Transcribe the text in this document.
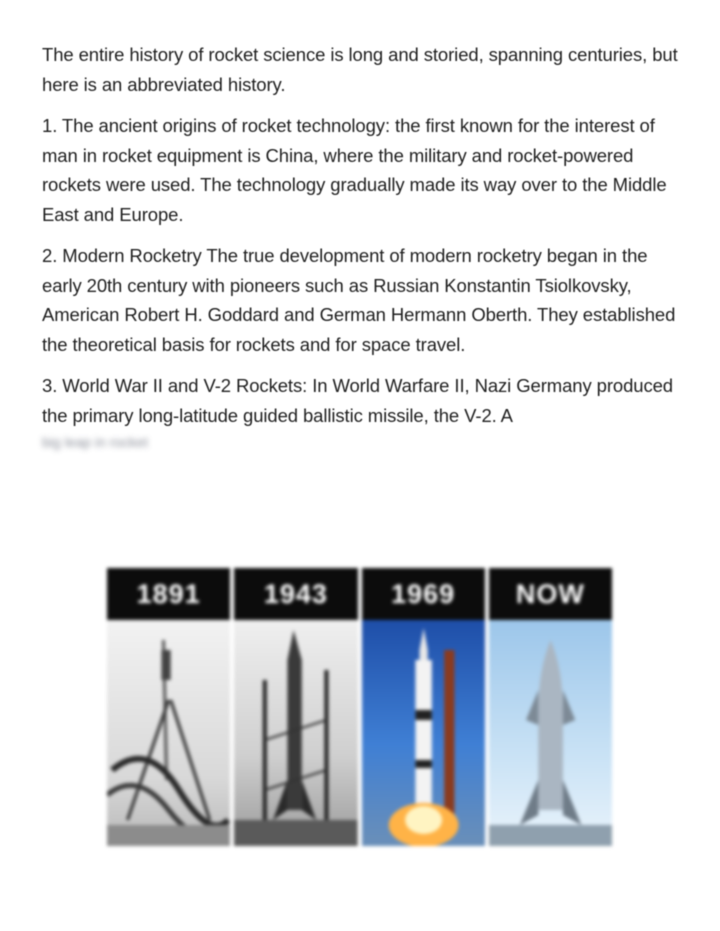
The entire history of rocket science is long and storied, spanning centuries, but here is an abbreviated history.

1. The ancient origins of rocket technology: the first known for the interest of man in rocket equipment is China, where the military and rocket-powered rockets were used. The technology gradually made its way over to the Middle East and Europe.

2. Modern Rocketry The true development of modern rocketry began in the early 20th century with pioneers such as Russian Konstantin Tsiolkovsky, American Robert H. Goddard and German Hermann Oberth. They established the theoretical basis for rockets and for space travel.

3. World War II and V-2 Rockets: In World Warfare II, Nazi Germany produced the primary long-latitude guided ballistic missile, the V-2. A

big leap in rocket
1891	1943	1969	NOW
